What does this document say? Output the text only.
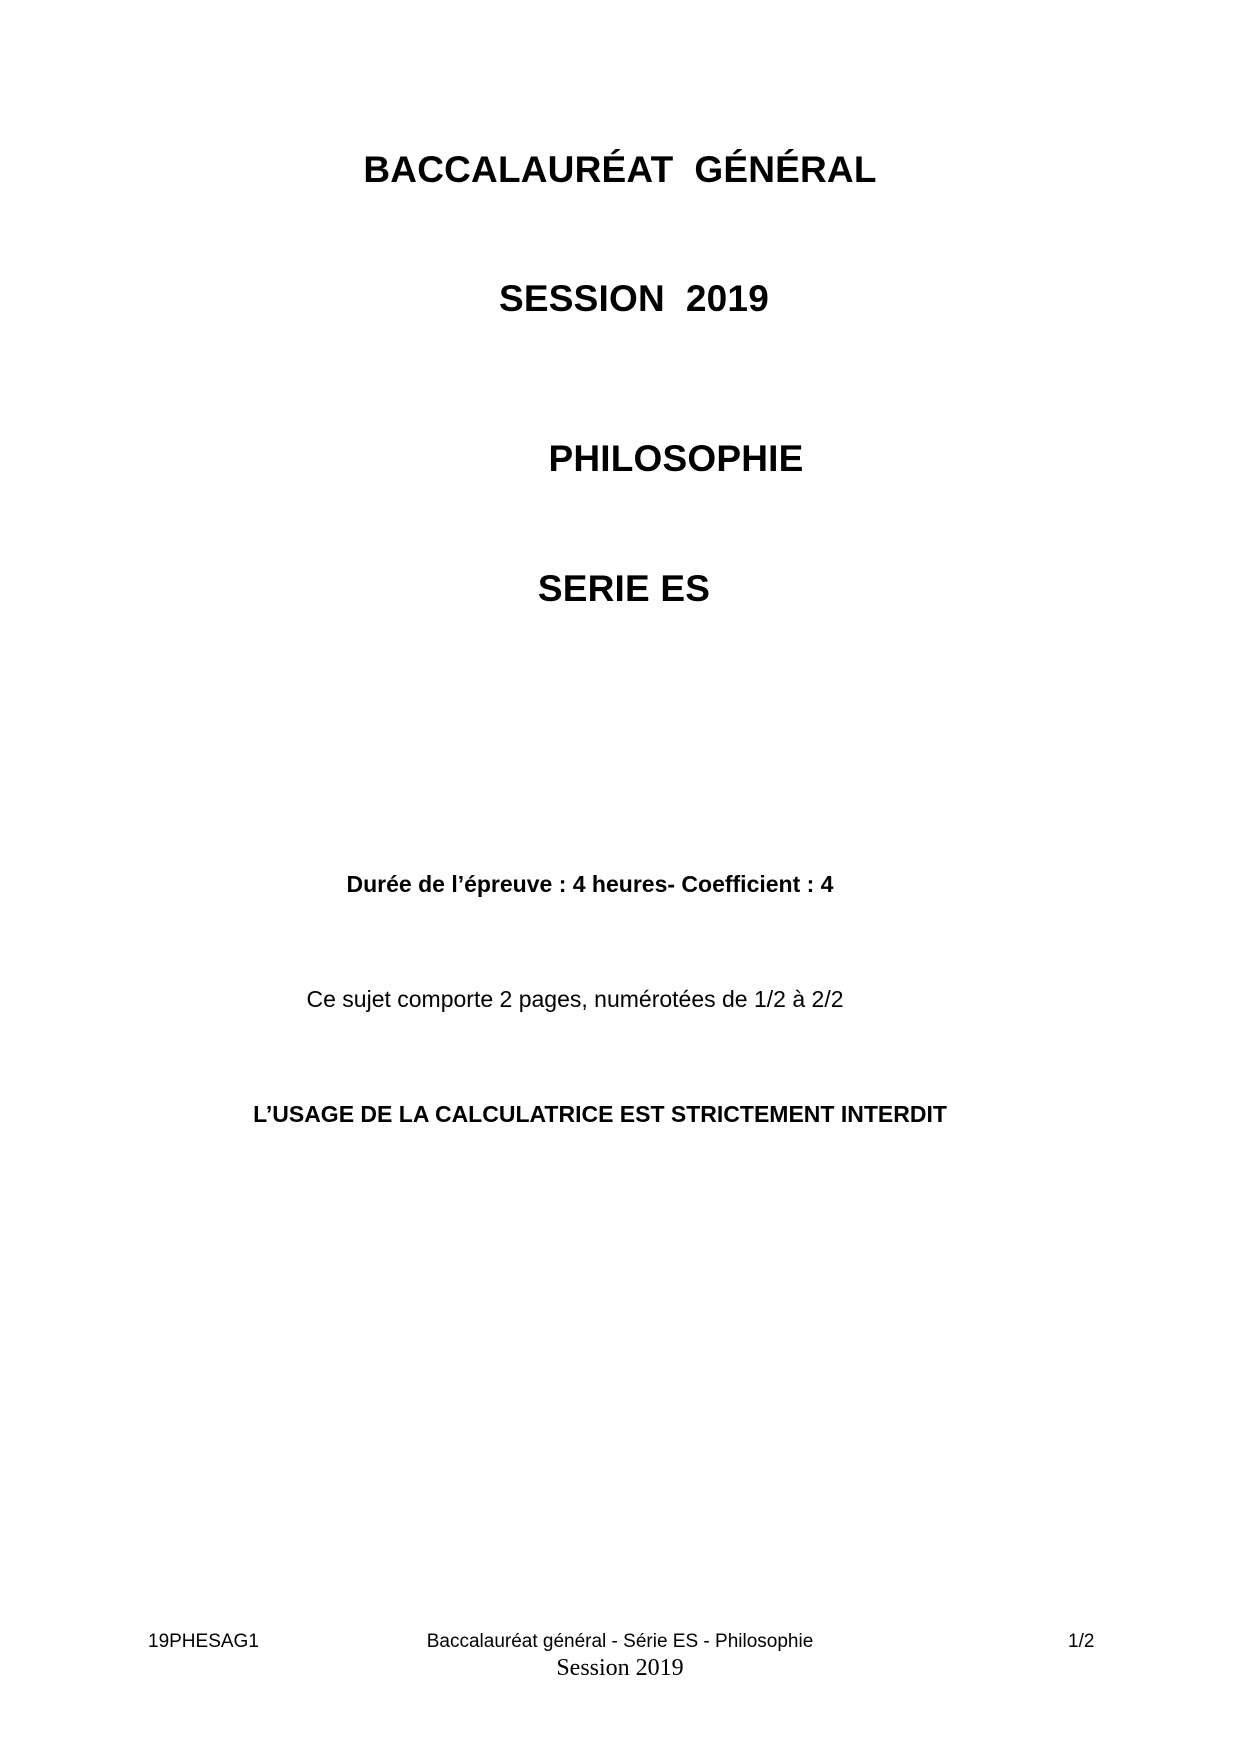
BACCALAURÉAT  GÉNÉRAL
SESSION  2019
PHILOSOPHIE
SERIE ES
Durée de l’épreuve : 4 heures- Coefficient : 4
Ce sujet comporte 2 pages, numérotées de 1/2 à 2/2
L’USAGE DE LA CALCULATRICE EST STRICTEMENT INTERDIT
19PHESAG1	Baccalauréat général - Série ES - Philosophie	1/2
Session 2019
